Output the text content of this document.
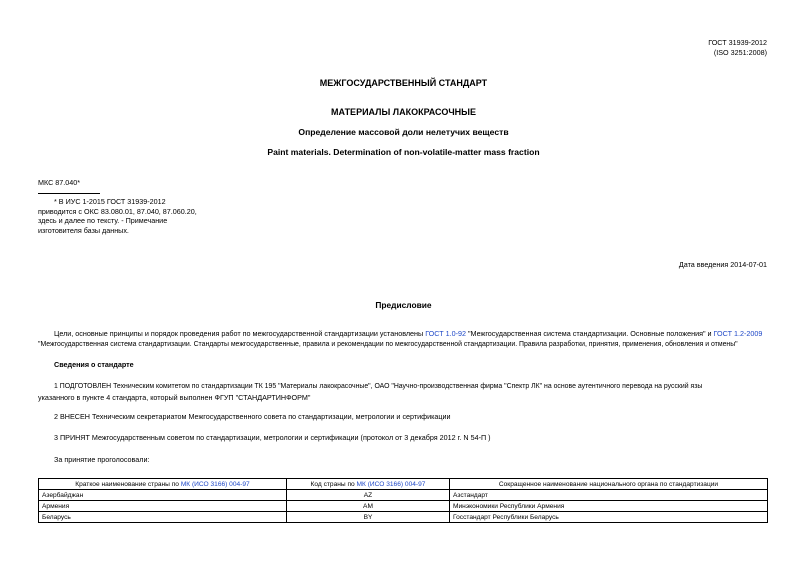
ГОСТ 31939-2012
(ISO 3251:2008)
МЕЖГОСУДАРСТВЕННЫЙ СТАНДАРТ
МАТЕРИАЛЫ ЛАКОКРАСОЧНЫЕ
Определение массовой доли нелетучих веществ
Paint materials. Determination of non-volatile-matter mass fraction
МКС 87.040*
* В ИУС 1-2015 ГОСТ 31939-2012
приводится с ОКС 83.080.01, 87.040, 87.060.20,
здесь и далее по тексту. - Примечание
изготовителя базы данных.
Дата введения 2014-07-01
Предисловие
Цели, основные принципы и порядок проведения работ по межгосударственной стандартизации установлены ГОСТ 1.0-92 "Межгосударственная система стандартизации. Основные положения" и ГОСТ 1.2-2009
"Межгосударственная система стандартизации. Стандарты межгосударственные, правила и рекомендации по межгосударственной стандартизации. Правила разработки, принятия, применения, обновления и отмены"
Сведения о стандарте
1 ПОДГОТОВЛЕН Техническим комитетом по стандартизации ТК 195 "Материалы лакокрасочные", ОАО "Научно-производственная фирма "Спектр ЛК" на основе аутентичного перевода на русский язы
указанного в пункте 4 стандарта, который выполнен ФГУП "СТАНДАРТИНФОРМ"
2 ВНЕСЕН Техническим секретариатом Межгосударственного совета по стандартизации, метрологии и сертификации
3 ПРИНЯТ Межгосударственным советом по стандартизации, метрологии и сертификации (протокол от 3 декабря 2012 г. N 54-П )
За принятие проголосовали:
Краткое наименование страны по МК (ИСО 3166) 004-97	Код страны по МК (ИСО 3166) 004-97	Сокращенное наименование национального органа по стандартизации
Азербайджан	AZ	Азстандарт
Армения	AM	Минэкономики Республики Армения
Беларусь	BY	Госстандарт Республики Беларусь
